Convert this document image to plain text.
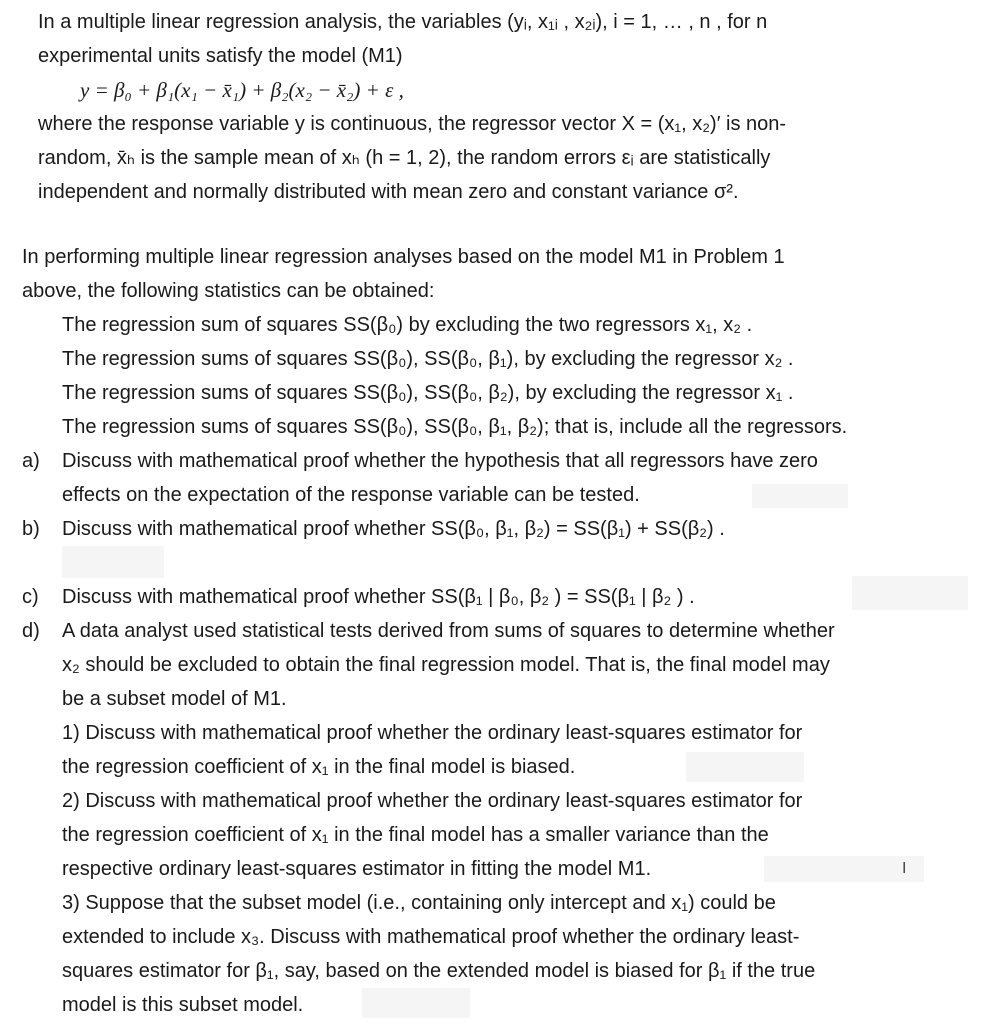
In a multiple linear regression analysis, the variables (yᵢ, x₁ᵢ , x₂ᵢ), i = 1, … , n , for n
experimental units satisfy the model (M1)
y = β₀ + β₁(x₁ − x̄₁) + β₂(x₂ − x̄₂) + ε ,
where the response variable y is continuous, the regressor vector X = (x₁, x₂)′ is non-
random, x̄ₕ is the sample mean of xₕ (h = 1, 2), the random errors εᵢ are statistically
independent and normally distributed with mean zero and constant variance σ².
In performing multiple linear regression analyses based on the model M1 in Problem 1
above, the following statistics can be obtained:
The regression sum of squares SS(β₀) by excluding the two regressors x₁, x₂ .
The regression sums of squares SS(β₀), SS(β₀, β₁), by excluding the regressor x₂ .
The regression sums of squares SS(β₀), SS(β₀, β₂), by excluding the regressor x₁ .
The regression sums of squares SS(β₀), SS(β₀, β₁, β₂); that is, include all the regressors.
a) Discuss with mathematical proof whether the hypothesis that all regressors have zero
effects on the expectation of the response variable can be tested.
b) Discuss with mathematical proof whether SS(β₀, β₁, β₂) = SS(β₁) + SS(β₂) .
c) Discuss with mathematical proof whether SS(β₁ | β₀, β₂ ) = SS(β₁ | β₂ ) .
d) A data analyst used statistical tests derived from sums of squares to determine whether
x₂ should be excluded to obtain the final regression model. That is, the final model may
be a subset model of M1.
1) Discuss with mathematical proof whether the ordinary least-squares estimator for
the regression coefficient of x₁ in the final model is biased.
2) Discuss with mathematical proof whether the ordinary least-squares estimator for
the regression coefficient of x₁ in the final model has a smaller variance than the
respective ordinary least-squares estimator in fitting the model M1.	I
3) Suppose that the subset model (i.e., containing only intercept and x₁) could be
extended to include x₃. Discuss with mathematical proof whether the ordinary least-
squares estimator for β₁, say, based on the extended model is biased for β₁ if the true
model is this subset model.
